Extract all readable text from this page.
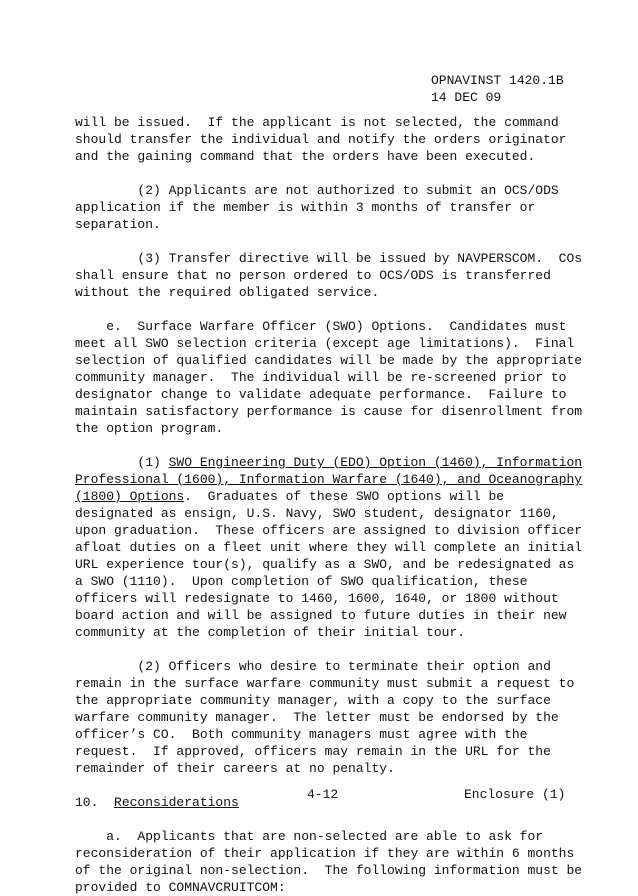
OPNAVINST 1420.1B
14 DEC 09
will be issued.  If the applicant is not selected, the command
should transfer the individual and notify the orders originator
and the gaining command that the orders have been executed.
(2) Applicants are not authorized to submit an OCS/ODS
application if the member is within 3 months of transfer or
separation.
(3) Transfer directive will be issued by NAVPERSCOM.  COs
shall ensure that no person ordered to OCS/ODS is transferred
without the required obligated service.
e.  Surface Warfare Officer (SWO) Options.  Candidates must
meet all SWO selection criteria (except age limitations).  Final
selection of qualified candidates will be made by the appropriate
community manager.  The individual will be re-screened prior to
designator change to validate adequate performance.  Failure to
maintain satisfactory performance is cause for disenrollment from
the option program.
(1) SWO Engineering Duty (EDO) Option (1460), Information
Professional (1600), Information Warfare (1640), and Oceanography
(1800) Options.  Graduates of these SWO options will be
designated as ensign, U.S. Navy, SWO student, designator 1160,
upon graduation.  These officers are assigned to division officer
afloat duties on a fleet unit where they will complete an initial
URL experience tour(s), qualify as a SWO, and be redesignated as
a SWO (1110).  Upon completion of SWO qualification, these
officers will redesignate to 1460, 1600, 1640, or 1800 without
board action and will be assigned to future duties in their new
community at the completion of their initial tour.
(2) Officers who desire to terminate their option and
remain in the surface warfare community must submit a request to
the appropriate community manager, with a copy to the surface
warfare community manager.  The letter must be endorsed by the
officer’s CO.  Both community managers must agree with the
request.  If approved, officers may remain in the URL for the
remainder of their careers at no penalty.
10.  Reconsiderations
a.  Applicants that are non-selected are able to ask for
reconsideration of their application if they are within 6 months
of the original non-selection.  The following information must be
provided to COMNAVCRUITCOM:
4-12	Enclosure (1)
